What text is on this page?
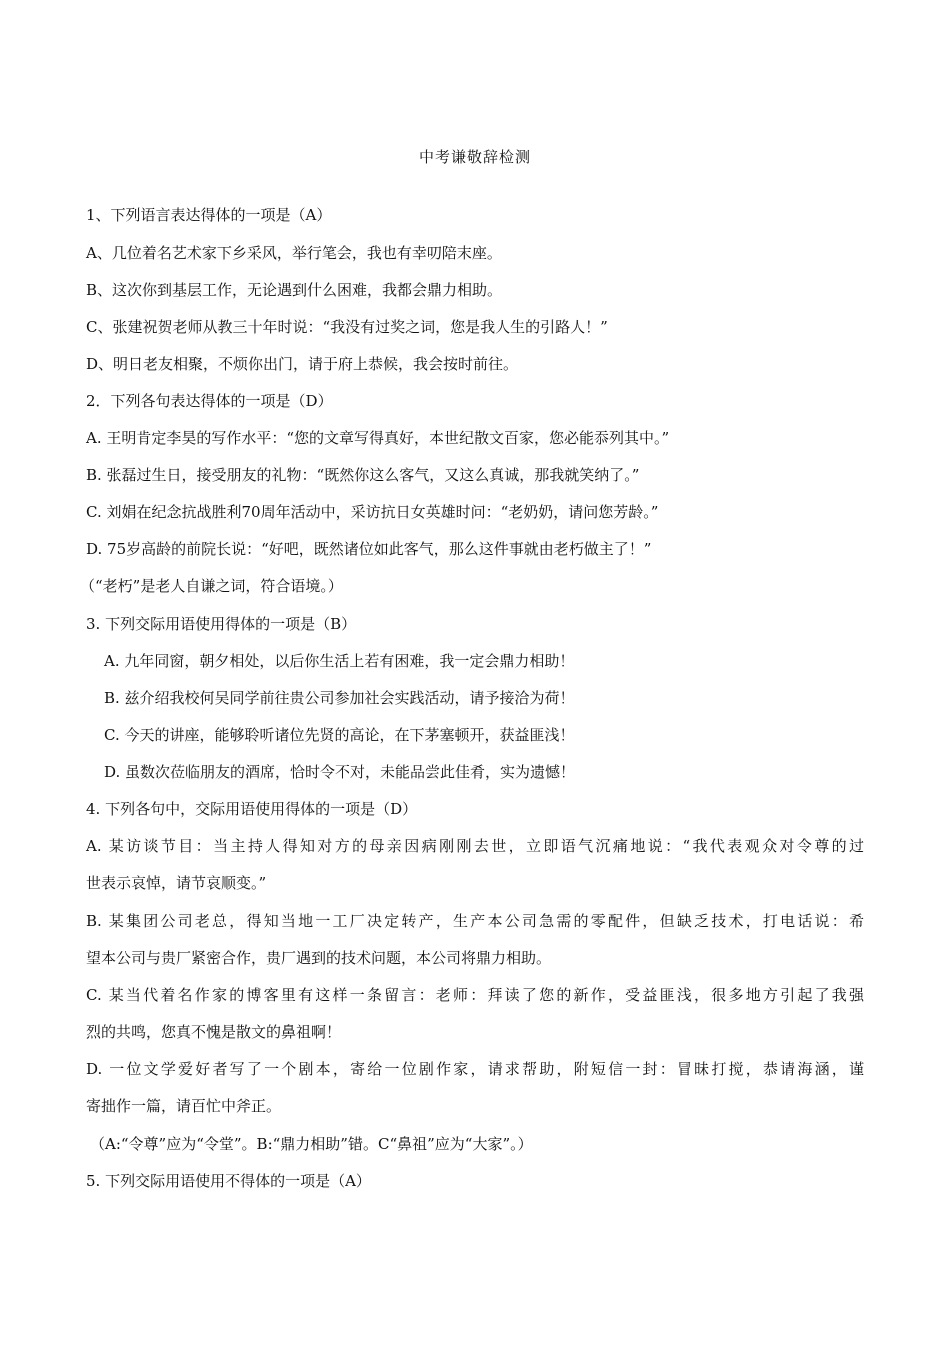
中考谦敬辞检测
1、下列语言表达得体的一项是（A）
A、几位着名艺术家下乡采风，举行笔会，我也有幸叨陪末座。
B、这次你到基层工作，无论遇到什么困难，我都会鼎力相助。
C、张建祝贺老师从教三十年时说：“我没有过奖之词，您是我人生的引路人！”
D、明日老友相聚，不烦你出门，请于府上恭候，我会按时前往。
2．下列各句表达得体的一项是（D）
A. 王明肯定李昊的写作水平：“您的文章写得真好，本世纪散文百家，您必能忝列其中。”
B. 张磊过生日，接受朋友的礼物：“既然你这么客气，又这么真诚，那我就笑纳了。”
C. 刘娟在纪念抗战胜利70周年活动中，采访抗日女英雄时问：“老奶奶，请问您芳龄。”
D. 75岁高龄的前院长说：“好吧，既然诸位如此客气，那么这件事就由老朽做主了！”
（“老朽”是老人自谦之词，符合语境。）
3. 下列交际用语使用得体的一项是（B）
A. 九年同窗，朝夕相处，以后你生活上若有困难，我一定会鼎力相助！
B. 兹介绍我校何吴同学前往贵公司参加社会实践活动，请予接洽为荷！
C. 今天的讲座，能够聆听诸位先贤的高论，在下茅塞顿开，获益匪浅！
D. 虽数次莅临朋友的酒席，恰时令不对，未能品尝此佳肴，实为遗憾！
4. 下列各句中，交际用语使用得体的一项是（D）
A. 某访谈节目：当主持人得知对方的母亲因病刚刚去世，立即语气沉痛地说：“我代表观众对令尊的过
世表示哀悼，请节哀顺变。”
B. 某集团公司老总，得知当地一工厂决定转产，生产本公司急需的零配件，但缺乏技术，打电话说：希
望本公司与贵厂紧密合作，贵厂遇到的技术问题，本公司将鼎力相助。
C. 某当代着名作家的博客里有这样一条留言：老师：拜读了您的新作，受益匪浅，很多地方引起了我强
烈的共鸣，您真不愧是散文的鼻祖啊！
D. 一位文学爱好者写了一个剧本，寄给一位剧作家，请求帮助，附短信一封：冒昧打搅，恭请海涵，谨
寄拙作一篇，请百忙中斧正。
（A:“令尊”应为“令堂”。B:“鼎力相助”错。C“鼻祖”应为“大家”。）
5. 下列交际用语使用不得体的一项是（A）
